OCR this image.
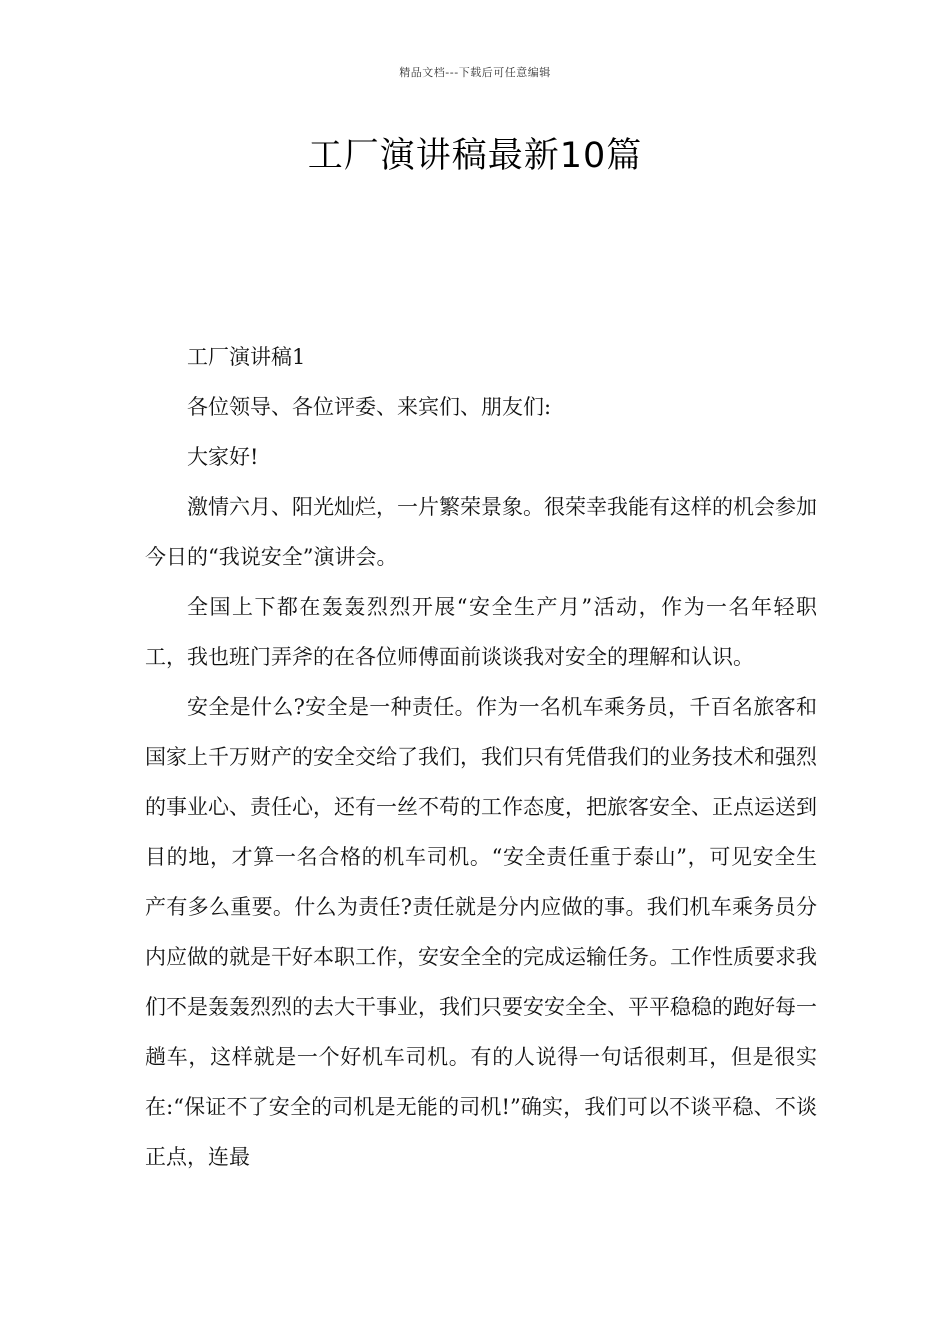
精品文档---下载后可任意编辑
工厂演讲稿最新10篇

工厂演讲稿1

各位领导、各位评委、来宾们、朋友们:

大家好!

激情六月、阳光灿烂，一片繁荣景象。很荣幸我能有这样的机会参加今日的“我说安全”演讲会。

全国上下都在轰轰烈烈开展“安全生产月”活动，作为一名年轻职工，我也班门弄斧的在各位师傅面前谈谈我对安全的理解和认识。

安全是什么?安全是一种责任。作为一名机车乘务员，千百名旅客和国家上千万财产的安全交给了我们，我们只有凭借我们的业务技术和强烈的事业心、责任心，还有一丝不苟的工作态度，把旅客安全、正点运送到目的地，才算一名合格的机车司机。“安全责任重于泰山”，可见安全生产有多么重要。什么为责任?责任就是分内应做的事。我们机车乘务员分内应做的就是干好本职工作，安安全全的完成运输任务。工作性质要求我们不是轰轰烈烈的去大干事业，我们只要安安全全、平平稳稳的跑好每一趟车，这样就是一个好机车司机。有的人说得一句话很刺耳，但是很实在:“保证不了安全的司机是无能的司机!”确实，我们可以不谈平稳、不谈正点，连最
